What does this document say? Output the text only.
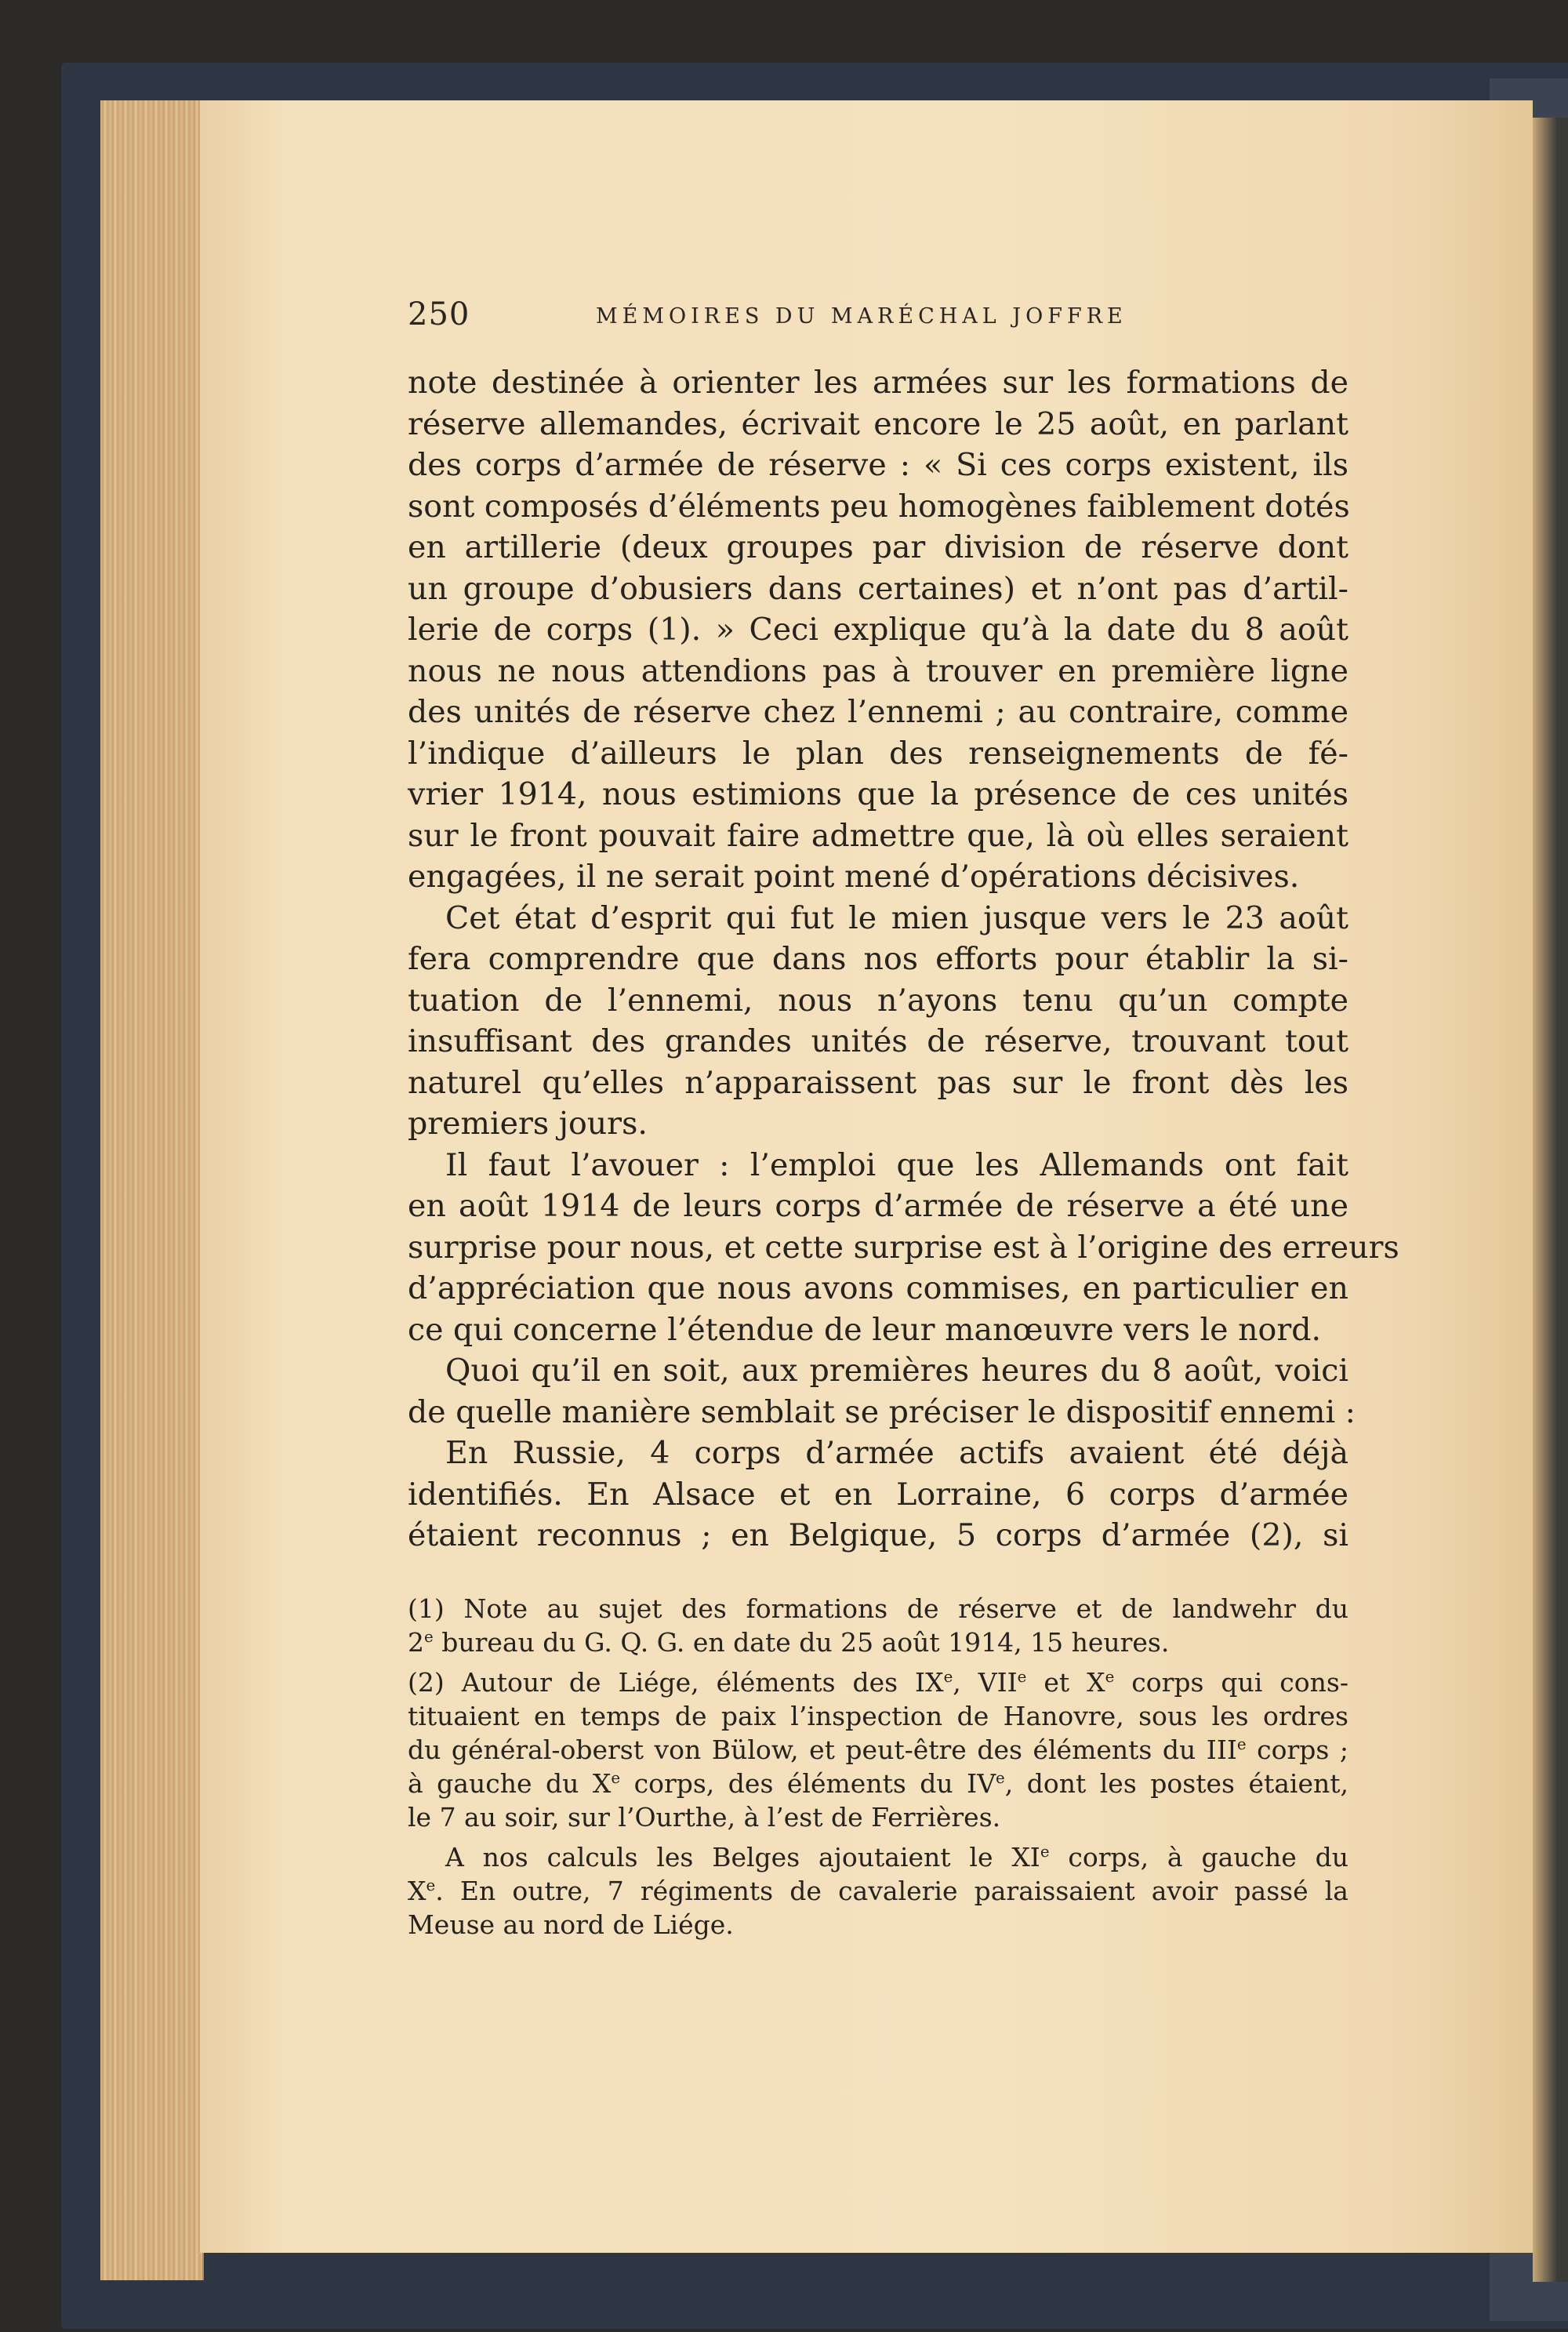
250	MÉMOIRES DU MARÉCHAL JOFFRE
note destinée à orienter les armées sur les formations de
réserve allemandes, écrivait encore le 25 août, en parlant
des corps d’armée de réserve : « Si ces corps existent, ils
sont composés d’éléments peu homogènes faiblement dotés
en artillerie (deux groupes par division de réserve dont
un groupe d’obusiers dans certaines) et n’ont pas d’artil-
lerie de corps (1). » Ceci explique qu’à la date du 8 août
nous ne nous attendions pas à trouver en première ligne
des unités de réserve chez l’ennemi ; au contraire, comme
l’indique d’ailleurs le plan des renseignements de fé-
vrier 1914, nous estimions que la présence de ces unités
sur le front pouvait faire admettre que, là où elles seraient
engagées, il ne serait point mené d’opérations décisives.
Cet état d’esprit qui fut le mien jusque vers le 23 août
fera comprendre que dans nos efforts pour établir la si-
tuation de l’ennemi, nous n’ayons tenu qu’un compte
insuffisant des grandes unités de réserve, trouvant tout
naturel qu’elles n’apparaissent pas sur le front dès les
premiers jours.
Il faut l’avouer : l’emploi que les Allemands ont fait
en août 1914 de leurs corps d’armée de réserve a été une
surprise pour nous, et cette surprise est à l’origine des erreurs
d’appréciation que nous avons commises, en particulier en
ce qui concerne l’étendue de leur manœuvre vers le nord.
Quoi qu’il en soit, aux premières heures du 8 août, voici
de quelle manière semblait se préciser le dispositif ennemi :
En Russie, 4 corps d’armée actifs avaient été déjà
identifiés. En Alsace et en Lorraine, 6 corps d’armée
étaient reconnus ; en Belgique, 5 corps d’armée (2), si
(1) Note au sujet des formations de réserve et de landwehr du
2e bureau du G. Q. G. en date du 25 août 1914, 15 heures.
(2) Autour de Liége, éléments des IXe, VIIe et Xe corps qui cons-
tituaient en temps de paix l’inspection de Hanovre, sous les ordres
du général-oberst von Bülow, et peut-être des éléments du IIIe corps ;
à gauche du Xe corps, des éléments du IVe, dont les postes étaient,
le 7 au soir, sur l’Ourthe, à l’est de Ferrières.
A nos calculs les Belges ajoutaient le XIe corps, à gauche du
Xe. En outre, 7 régiments de cavalerie paraissaient avoir passé la
Meuse au nord de Liége.
